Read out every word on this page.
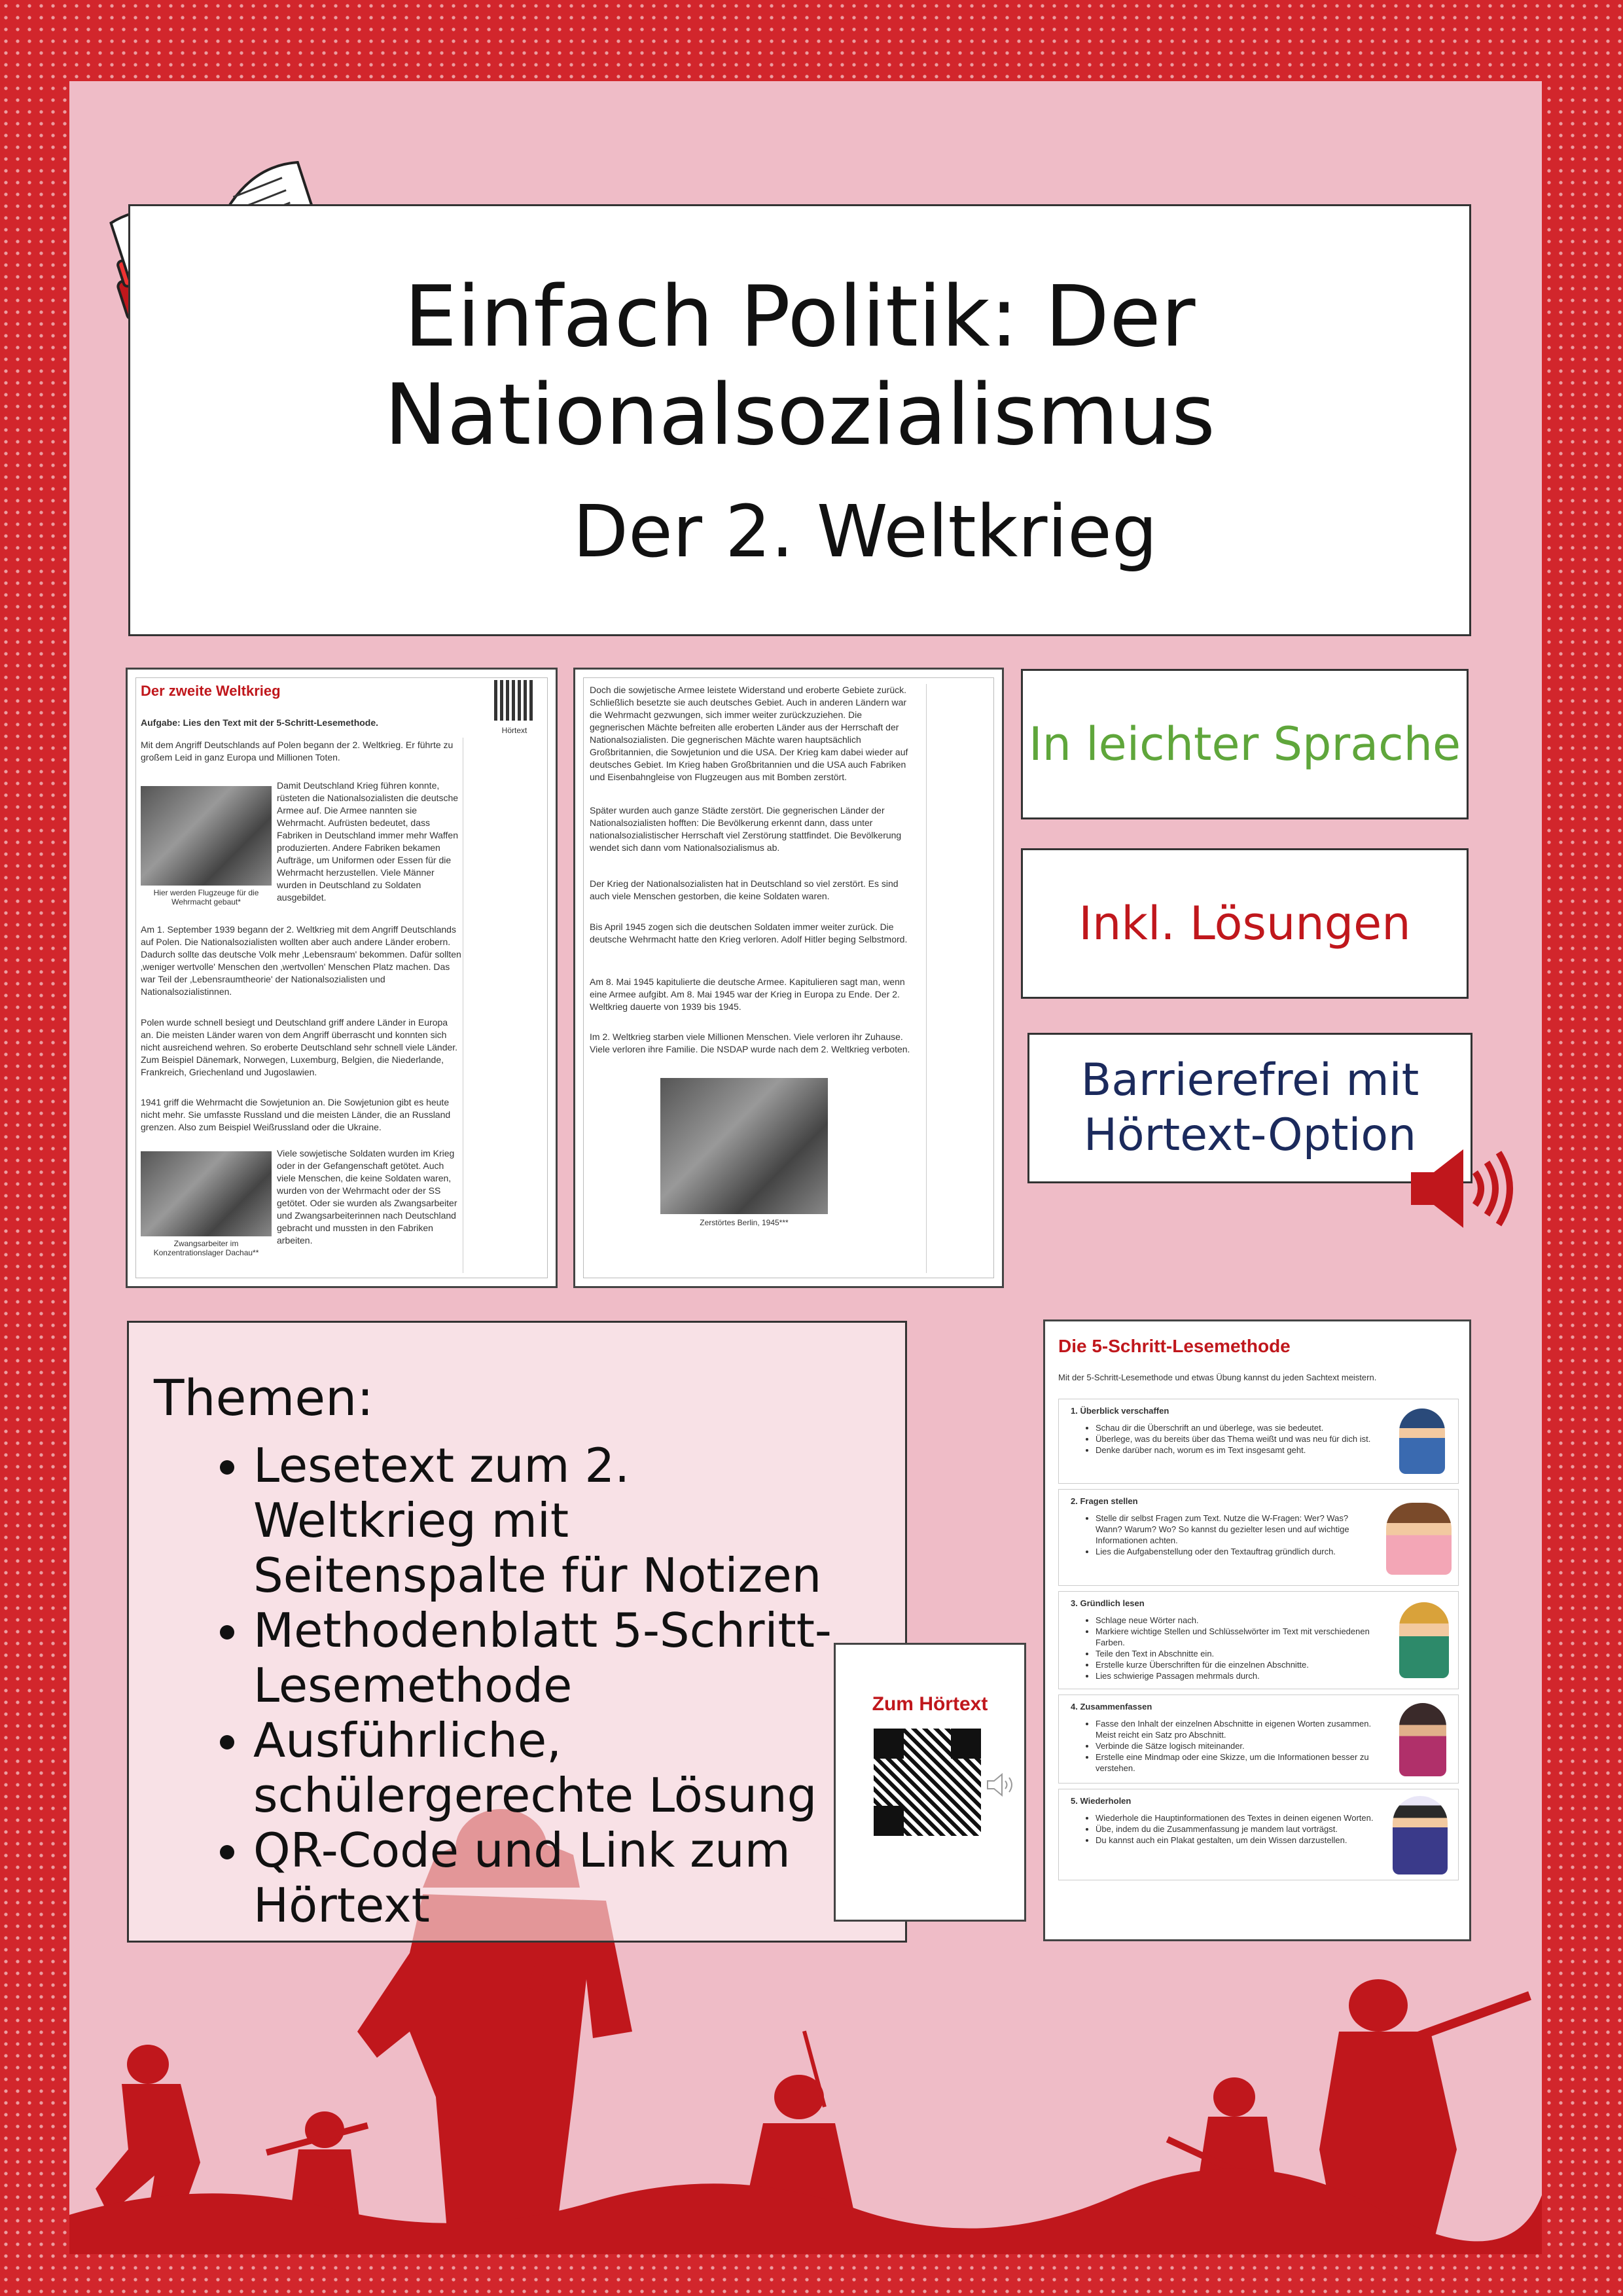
Einfach Politik: Der
Nationalsozialismus
Der 2. Weltkrieg
Der zweite Weltkrieg
Hörtext
Aufgabe: Lies den Text mit der 5-Schritt-Lesemethode.
Mit dem Angriff Deutschlands auf Polen begann der 2. Weltkrieg. Er führte zu großem Leid in ganz Europa und Millionen Toten.
Hier werden Flugzeuge für die Wehrmacht gebaut*
Damit Deutschland Krieg führen konnte, rüsteten die Nationalsozialisten die deutsche Armee auf. Die Armee nannten sie Wehrmacht. Aufrüsten bedeutet, dass Fabriken in Deutschland immer mehr Waffen produzierten. Andere Fabriken bekamen Aufträge, um Uniformen oder Essen für die Wehrmacht herzustellen. Viele Männer wurden in Deutschland zu Soldaten ausgebildet.
Am 1. September 1939 begann der 2. Weltkrieg mit dem Angriff Deutschlands auf Polen. Die Nationalsozialisten wollten aber auch andere Länder erobern. Dadurch sollte das deutsche Volk mehr ‚Lebensraum' bekommen. Dafür sollten ‚weniger wertvolle' Menschen den ‚wertvollen' Menschen Platz machen. Das war Teil der ‚Lebensraumtheorie' der Nationalsozialisten und Nationalsozialistinnen.
Polen wurde schnell besiegt und Deutschland griff andere Länder in Europa an. Die meisten Länder waren von dem Angriff überrascht und konnten sich nicht ausreichend wehren. So eroberte Deutschland sehr schnell viele Länder. Zum Beispiel Dänemark, Norwegen, Luxemburg, Belgien, die Niederlande, Frankreich, Griechenland und Jugoslawien.
1941 griff die Wehrmacht die Sowjetunion an. Die Sowjetunion gibt es heute nicht mehr. Sie umfasste Russland und die meisten Länder, die an Russland grenzen. Also zum Beispiel Weißrussland oder die Ukraine.
Zwangsarbeiter im Konzentrationslager Dachau**
Viele sowjetische Soldaten wurden im Krieg oder in der Gefangenschaft getötet. Auch viele Menschen, die keine Soldaten waren, wurden von der Wehrmacht oder der SS getötet. Oder sie wurden als Zwangsarbeiter und Zwangsarbeiterinnen nach Deutschland gebracht und mussten in den Fabriken arbeiten.
Doch die sowjetische Armee leistete Widerstand und eroberte Gebiete zurück. Schließlich besetzte sie auch deutsches Gebiet. Auch in anderen Ländern war die Wehrmacht gezwungen, sich immer weiter zurückzuziehen. Die gegnerischen Mächte befreiten alle eroberten Länder aus der Herrschaft der Nationalsozialisten. Die gegnerischen Mächte waren hauptsächlich Großbritannien, die Sowjetunion und die USA. Der Krieg kam dabei wieder auf deutsches Gebiet. Im Krieg haben Großbritannien und die USA auch Fabriken und Eisenbahngleise von Flugzeugen aus mit Bomben zerstört.
Später wurden auch ganze Städte zerstört. Die gegnerischen Länder der Nationalsozialisten hofften: Die Bevölkerung erkennt dann, dass unter nationalsozialistischer Herrschaft viel Zerstörung stattfindet. Die Bevölkerung wendet sich dann vom Nationalsozialismus ab.
Der Krieg der Nationalsozialisten hat in Deutschland so viel zerstört. Es sind auch viele Menschen gestorben, die keine Soldaten waren.
Bis April 1945 zogen sich die deutschen Soldaten immer weiter zurück. Die deutsche Wehrmacht hatte den Krieg verloren. Adolf Hitler beging Selbstmord.
Am 8. Mai 1945 kapitulierte die deutsche Armee. Kapitulieren sagt man, wenn eine Armee aufgibt. Am 8. Mai 1945 war der Krieg in Europa zu Ende. Der 2. Weltkrieg dauerte von 1939 bis 1945.
Im 2. Weltkrieg starben viele Millionen Menschen. Viele verloren ihr Zuhause. Viele verloren ihre Familie. Die NSDAP wurde nach dem 2. Weltkrieg verboten.
Zerstörtes Berlin, 1945***
In leichter Sprache
Inkl. Lösungen
Barrierefrei mit
Hörtext-Option
Themen:
• Lesetext zum 2. Weltkrieg mit Seitenspalte für Notizen
• Methodenblatt 5-Schritt-Lesemethode
• Ausführliche, schülergerechte Lösung
• QR-Code und Link zum Hörtext
Zum Hörtext
Die 5-Schritt-Lesemethode
Mit der 5-Schritt-Lesemethode und etwas Übung kannst du jeden Sachtext meistern.
1. Überblick verschaffen
• Schau dir die Überschrift an und überlege, was sie bedeutet.
• Überlege, was du bereits über das Thema weißt und was neu für dich ist.
• Denke darüber nach, worum es im Text insgesamt geht.
2. Fragen stellen
• Stelle dir selbst Fragen zum Text. Nutze die W-Fragen: Wer? Was? Wann? Warum? Wo? So kannst du gezielter lesen und auf wichtige Informationen achten.
• Lies die Aufgabenstellung oder den Textauftrag gründlich durch.
3. Gründlich lesen
• Schlage neue Wörter nach.
• Markiere wichtige Stellen und Schlüsselwörter im Text mit verschiedenen Farben.
• Teile den Text in Abschnitte ein.
• Erstelle kurze Überschriften für die einzelnen Abschnitte.
• Lies schwierige Passagen mehrmals durch.
4. Zusammenfassen
• Fasse den Inhalt der einzelnen Abschnitte in eigenen Worten zusammen. Meist reicht ein Satz pro Abschnitt.
• Verbinde die Sätze logisch miteinander.
• Erstelle eine Mindmap oder eine Skizze, um die Informationen besser zu verstehen.
5. Wiederholen
• Wiederhole die Hauptinformationen des Textes in deinen eigenen Worten.
• Übe, indem du die Zusammenfassung je mandem laut vorträgst.
• Du kannst auch ein Plakat gestalten, um dein Wissen darzustellen.
